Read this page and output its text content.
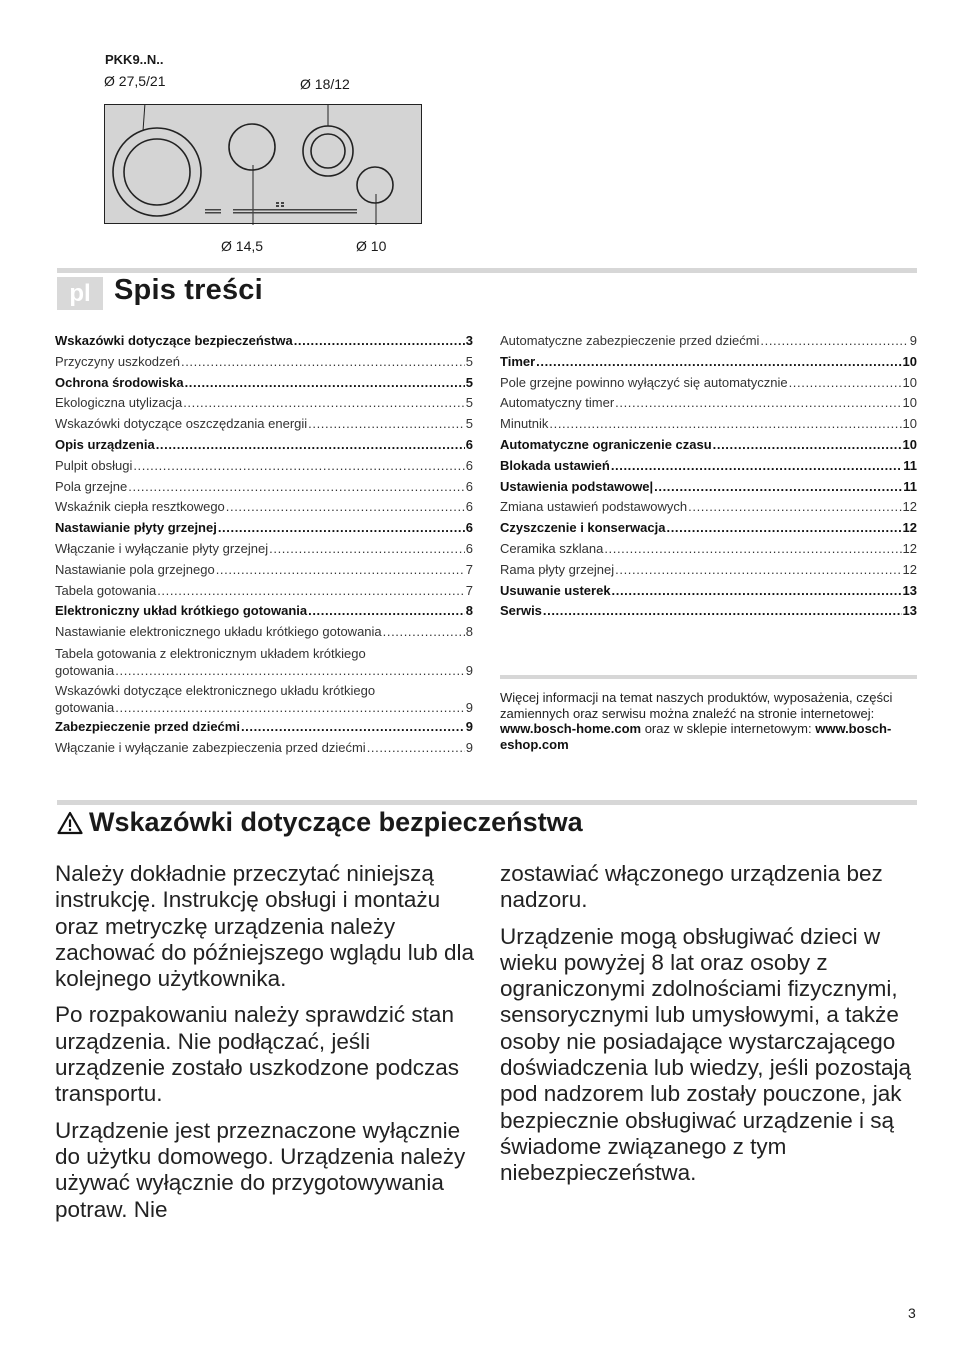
PKK9..N..
Ø 27,5/21	Ø 18/12
Ø 14,5	Ø 10
pl Spis treści
Wskazówki dotyczące bezpieczeństwa .....	3
Przyczyny uszkodzeń .....	5
Ochrona środowiska .....	5
Ekologiczna utylizacja .....	5
Wskazówki dotyczące oszczędzania energii .....	5
Opis urządzenia .....	6
Pulpit obsługi .....	6
Pola grzejne .....	6
Wskaźnik ciepła resztkowego .....	6
Nastawianie płyty grzejnej .....	6
Włączanie i wyłączanie płyty grzejnej .....	6
Nastawianie pola grzejnego .....	7
Tabela gotowania .....	7
Elektroniczny układ krótkiego gotowania .....	8
Nastawianie elektronicznego układu krótkiego gotowania .....	8
Tabela gotowania z elektronicznym układem krótkiego
gotowania .....	9
Wskazówki dotyczące elektronicznego układu krótkiego
gotowania .....	9
Zabezpieczenie przed dziećmi .....	9
Włączanie i wyłączanie zabezpieczenia przed dziećmi .....	9
Automatyczne zabezpieczenie przed dziećmi .....	9
Timer .....	10
Pole grzejne powinno wyłączyć się automatycznie .....	10
Automatyczny timer .....	10
Minutnik .....	10
Automatyczne ograniczenie czasu .....	10
Blokada ustawień .....	11
Ustawienia podstawowe| .....	11
Zmiana ustawień podstawowych .....	12
Czyszczenie i konserwacja .....	12
Ceramika szklana .....	12
Rama płyty grzejnej .....	12
Usuwanie usterek .....	13
Serwis .....	13
Więcej informacji na temat naszych produktów, wyposażenia, części zamiennych oraz serwisu można znaleźć na stronie internetowej: www.bosch-home.com oraz w sklepie internetowym: www.bosch-eshop.com
Wskazówki dotyczące bezpieczeństwa

Należy dokładnie przeczytać niniejszą instrukcję. Instrukcję obsługi i montażu oraz metryczkę urządzenia należy zachować do późniejszego wglądu lub dla kolejnego użytkownika.

Po rozpakowaniu należy sprawdzić stan urządzenia. Nie podłączać, jeśli urządzenie zostało uszkodzone podczas transportu.

Urządzenie jest przeznaczone wyłącznie do użytku domowego. Urządzenia należy używać wyłącznie do przygotowywania potraw. Nie

zostawiać włączonego urządzenia bez nadzoru.

Urządzenie mogą obsługiwać dzieci w wieku powyżej 8 lat oraz osoby z ograniczonymi zdolnościami fizycznymi, sensorycznymi lub umysłowymi, a także osoby nie posiadające wystarczającego doświadczenia lub wiedzy, jeśli pozostają pod nadzorem lub zostały pouczone, jak bezpiecznie obsługiwać urządzenie i są świadome związanego z tym niebezpieczeństwa.

3
